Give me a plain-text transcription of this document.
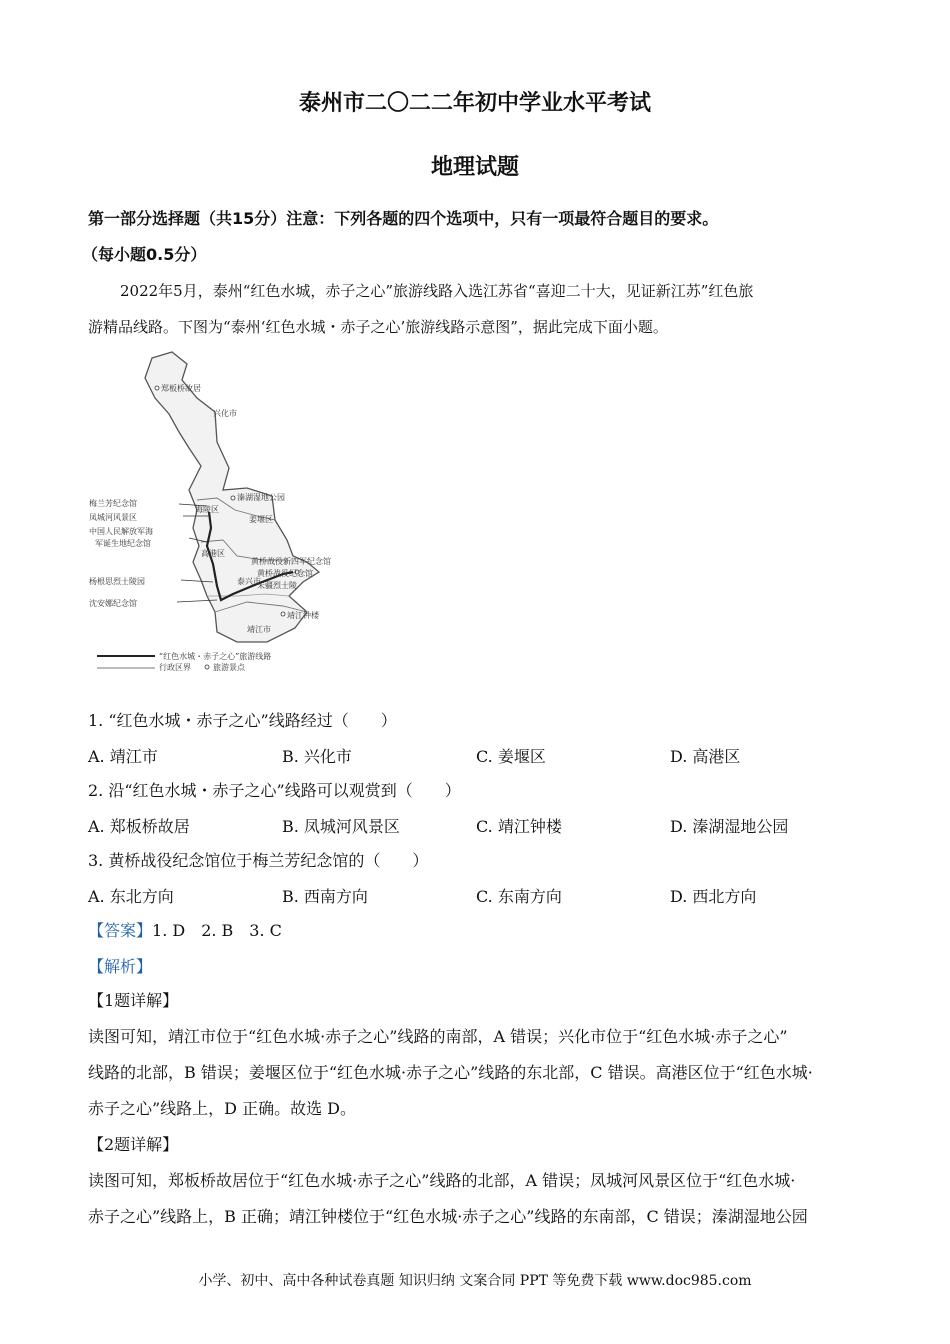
泰州市二〇二二年初中学业水平考试
地理试题
第一部分选择题（共15分）注意：下列各题的四个选项中，只有一项最符合题目的要求。
（每小题0.5分）
2022年5月，泰州“红色水城，赤子之心”旅游线路入选江苏省“喜迎二十大，见证新江苏”红色旅
游精品线路。下图为“泰州‘红色水城・赤子之心’旅游线路示意图”，据此完成下面小题。
郑板桥故居
兴化市
溱湖湿地公园
姜堰区
海陵区
高港区
泰兴市
黄桥战役新四军纪念馆
黄桥战役纪念馆
朱疆烈士陵
靖江钟楼
靖江市
梅兰芳纪念馆
凤城河风景区
中国人民解放军海
军诞生地纪念馆
杨根思烈士陵园
沈安娜纪念馆
“红色水城・赤子之心”旅游线路
行政区界	旅游景点
1. “红色水城・赤子之心”线路经过（　　）
A. 靖江市	B. 兴化市	C. 姜堰区	D. 高港区
2. 沿“红色水城・赤子之心”线路可以观赏到（　　）
A. 郑板桥故居	B. 凤城河风景区	C. 靖江钟楼	D. 溱湖湿地公园
3. 黄桥战役纪念馆位于梅兰芳纪念馆的（　　）
A. 东北方向	B. 西南方向	C. 东南方向	D. 西北方向
【答案】1. D　2. B　3. C
【解析】
【1题详解】
读图可知，靖江市位于“红色水城·赤子之心”线路的南部，A 错误；兴化市位于“红色水城·赤子之心”
线路的北部，B 错误；姜堰区位于“红色水城·赤子之心”线路的东北部，C 错误。高港区位于“红色水城·
赤子之心”线路上，D 正确。故选 D。
【2题详解】
读图可知，郑板桥故居位于“红色水城·赤子之心”线路的北部，A 错误；凤城河风景区位于“红色水城·
赤子之心”线路上，B 正确；靖江钟楼位于“红色水城·赤子之心”线路的东南部，C 错误；溱湖湿地公园
小学、初中、高中各种试卷真题 知识归纳 文案合同 PPT 等免费下载 www.doc985.com
